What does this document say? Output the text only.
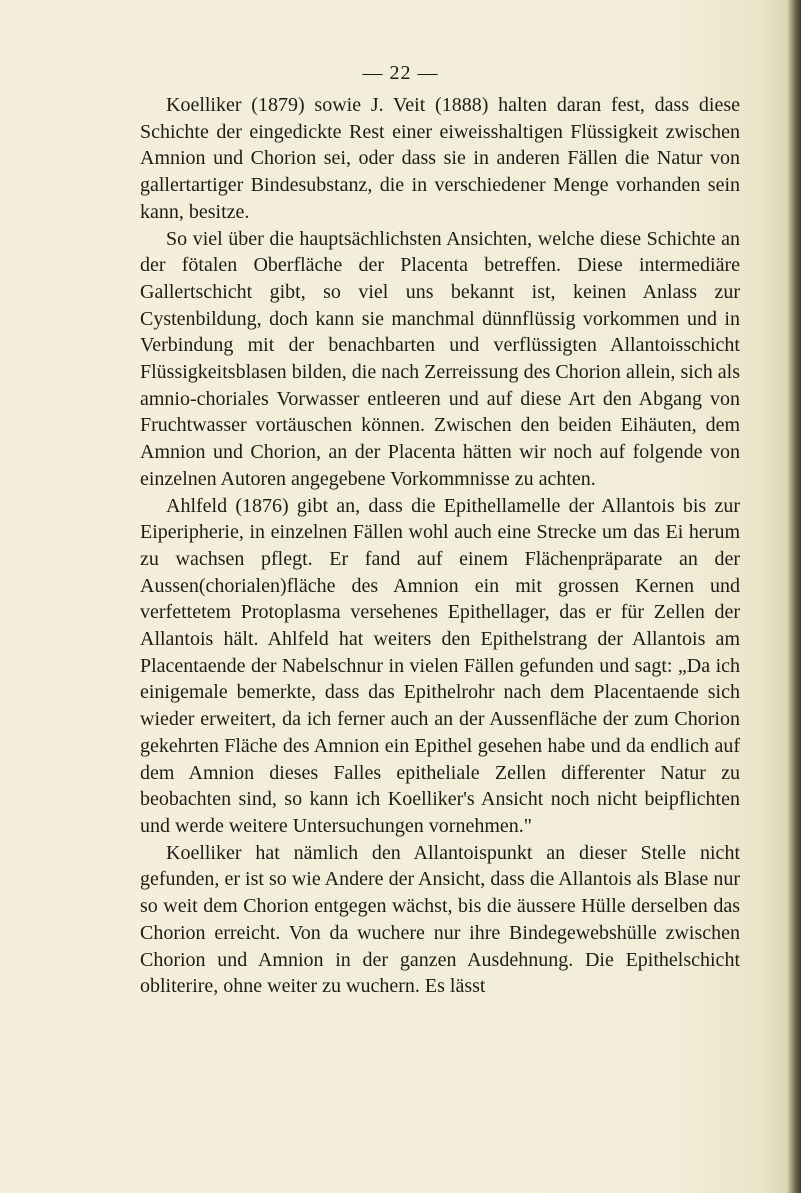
— 22 —

Koelliker (1879) sowie J. Veit (1888) halten daran fest, dass diese Schichte der eingedickte Rest einer eiweisshaltigen Flüssigkeit zwischen Amnion und Chorion sei, oder dass sie in anderen Fällen die Natur von gallertartiger Bindesubstanz, die in verschiedener Menge vorhanden sein kann, besitze.

So viel über die hauptsächlichsten Ansichten, welche diese Schichte an der fötalen Oberfläche der Placenta betreffen. Diese intermediäre Gallertschicht gibt, so viel uns bekannt ist, keinen Anlass zur Cystenbildung, doch kann sie manchmal dünnflüssig vorkommen und in Verbindung mit der benachbarten und verflüssigten Allantoisschicht Flüssigkeitsblasen bilden, die nach Zerreissung des Chorion allein, sich als amnio-choriales Vorwasser entleeren und auf diese Art den Abgang von Fruchtwasser vortäuschen können. Zwischen den beiden Eihäuten, dem Amnion und Chorion, an der Placenta hätten wir noch auf folgende von einzelnen Autoren angegebene Vorkommnisse zu achten.

Ahlfeld (1876) gibt an, dass die Epithellamelle der Allantois bis zur Eiperipherie, in einzelnen Fällen wohl auch eine Strecke um das Ei herum zu wachsen pflegt. Er fand auf einem Flächenpräparate an der Aussen(chorialen)fläche des Amnion ein mit grossen Kernen und verfettetem Protoplasma versehenes Epithellager, das er für Zellen der Allantois hält. Ahlfeld hat weiters den Epithelstrang der Allantois am Placentaende der Nabelschnur in vielen Fällen gefunden und sagt: „Da ich einigemale bemerkte, dass das Epithelrohr nach dem Placentaende sich wieder erweitert, da ich ferner auch an der Aussenfläche der zum Chorion gekehrten Fläche des Amnion ein Epithel gesehen habe und da endlich auf dem Amnion dieses Falles epitheliale Zellen differenter Natur zu beobachten sind, so kann ich Koelliker's Ansicht noch nicht beipflichten und werde weitere Untersuchungen vornehmen."

Koelliker hat nämlich den Allantoispunkt an dieser Stelle nicht gefunden, er ist so wie Andere der Ansicht, dass die Allantois als Blase nur so weit dem Chorion entgegen wächst, bis die äussere Hülle derselben das Chorion erreicht. Von da wuchere nur ihre Bindegewebshülle zwischen Chorion und Amnion in der ganzen Ausdehnung. Die Epithelschicht obliterire, ohne weiter zu wuchern. Es lässt
